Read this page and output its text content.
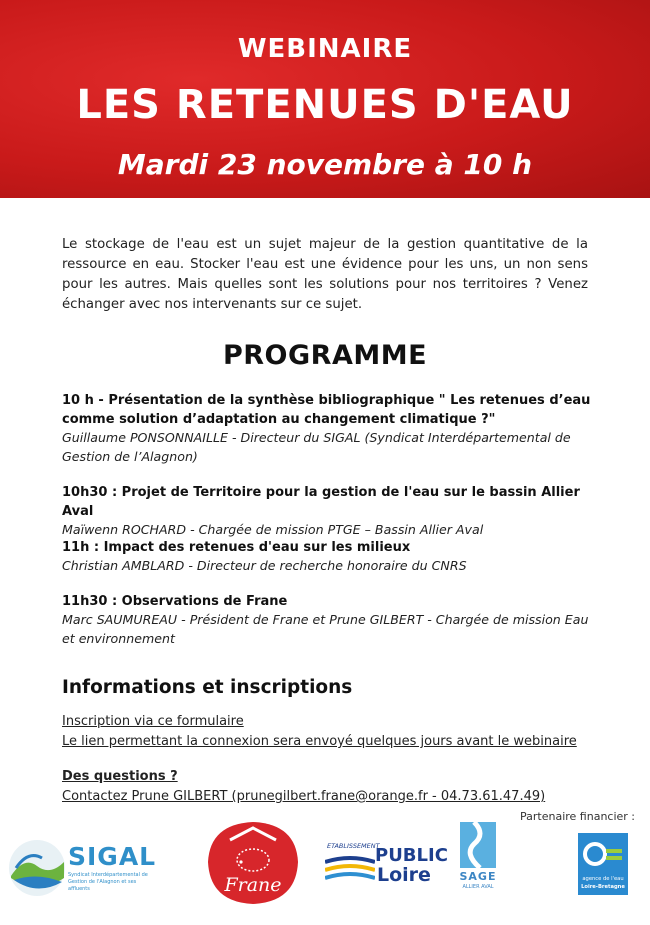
WEBINAIRE
LES RETENUES D'EAU
Mardi 23 novembre à 10 h
Le stockage de l'eau est un sujet majeur de la gestion quantitative de la ressource en eau. Stocker l'eau est une évidence pour les uns, un non sens pour les autres. Mais quelles sont les solutions pour nos territoires ? Venez échanger avec nos intervenants sur ce sujet.
PROGRAMME
10 h - Présentation de la synthèse bibliographique " Les retenues d’eau comme solution d’adaptation au changement climatique ?"
Guillaume PONSONNAILLE - Directeur du SIGAL (Syndicat Interdépartemental de Gestion de l’Alagnon)
10h30 : Projet de Territoire pour la gestion de l'eau sur le bassin Allier Aval
Maïwenn ROCHARD - Chargée de mission PTGE – Bassin Allier Aval
11h : Impact des retenues d'eau sur les milieux
Christian AMBLARD - Directeur de recherche honoraire du CNRS
11h30 : Observations de Frane
Marc SAUMUREAU - Président de Frane et Prune GILBERT - Chargée de mission Eau et environnement
Informations et inscriptions
Inscription via ce formulaire
Le lien permettant la connexion sera envoyé quelques jours avant le webinaire
Des questions ?
Contactez Prune GILBERT (prunegilbert.frane@orange.fr - 04.73.61.47.49)
Partenaire financier :
SIGAL
Syndicat Interdépartemental de Gestion de l'Alagnon et ses affluents	Frane
ETABLISSEMENT
PUBLIC
Loire	SAGE
ALLIER AVAL
agence de l'eau
Loire-Bretagne
